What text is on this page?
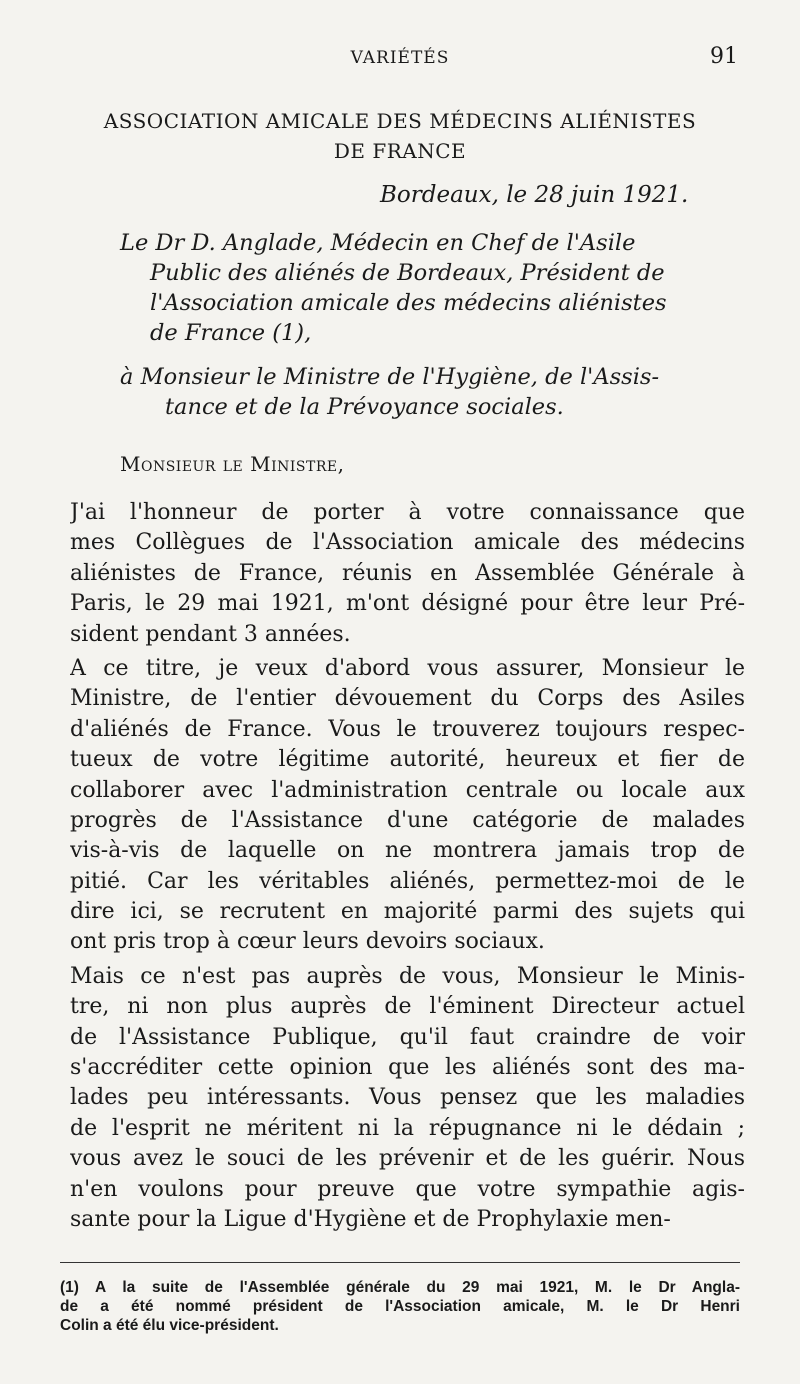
VARIÉTÉS	91
ASSOCIATION AMICALE DES MÉDECINS ALIÉNISTES
DE FRANCE
Bordeaux, le 28 juin 1921.
Le Dr D. Anglade, Médecin en Chef de l'Asile
Public des aliénés de Bordeaux, Président de
l'Association amicale des médecins aliénistes
de France (1),
à Monsieur le Ministre de l'Hygiène, de l'Assis-
tance et de la Prévoyance sociales.
Monsieur le Ministre,
J'ai l'honneur de porter à votre connaissance que
mes Collègues de l'Association amicale des médecins
aliénistes de France, réunis en Assemblée Générale à
Paris, le 29 mai 1921, m'ont désigné pour être leur Pré-
sident pendant 3 années.
A ce titre, je veux d'abord vous assurer, Monsieur le
Ministre, de l'entier dévouement du Corps des Asiles
d'aliénés de France. Vous le trouverez toujours respec-
tueux de votre légitime autorité, heureux et fier de
collaborer avec l'administration centrale ou locale aux
progrès de l'Assistance d'une catégorie de malades
vis-à-vis de laquelle on ne montrera jamais trop de
pitié. Car les véritables aliénés, permettez-moi de le
dire ici, se recrutent en majorité parmi des sujets qui
ont pris trop à cœur leurs devoirs sociaux.
Mais ce n'est pas auprès de vous, Monsieur le Minis-
tre, ni non plus auprès de l'éminent Directeur actuel
de l'Assistance Publique, qu'il faut craindre de voir
s'accréditer cette opinion que les aliénés sont des ma-
lades peu intéressants. Vous pensez que les maladies
de l'esprit ne méritent ni la répugnance ni le dédain ;
vous avez le souci de les prévenir et de les guérir. Nous
n'en voulons pour preuve que votre sympathie agis-
sante pour la Ligue d'Hygiène et de Prophylaxie men-
(1) A la suite de l'Assemblée générale du 29 mai 1921, M. le Dr Angla-
de a été nommé président de l'Association amicale, M. le Dr Henri
Colin a été élu vice-président.
